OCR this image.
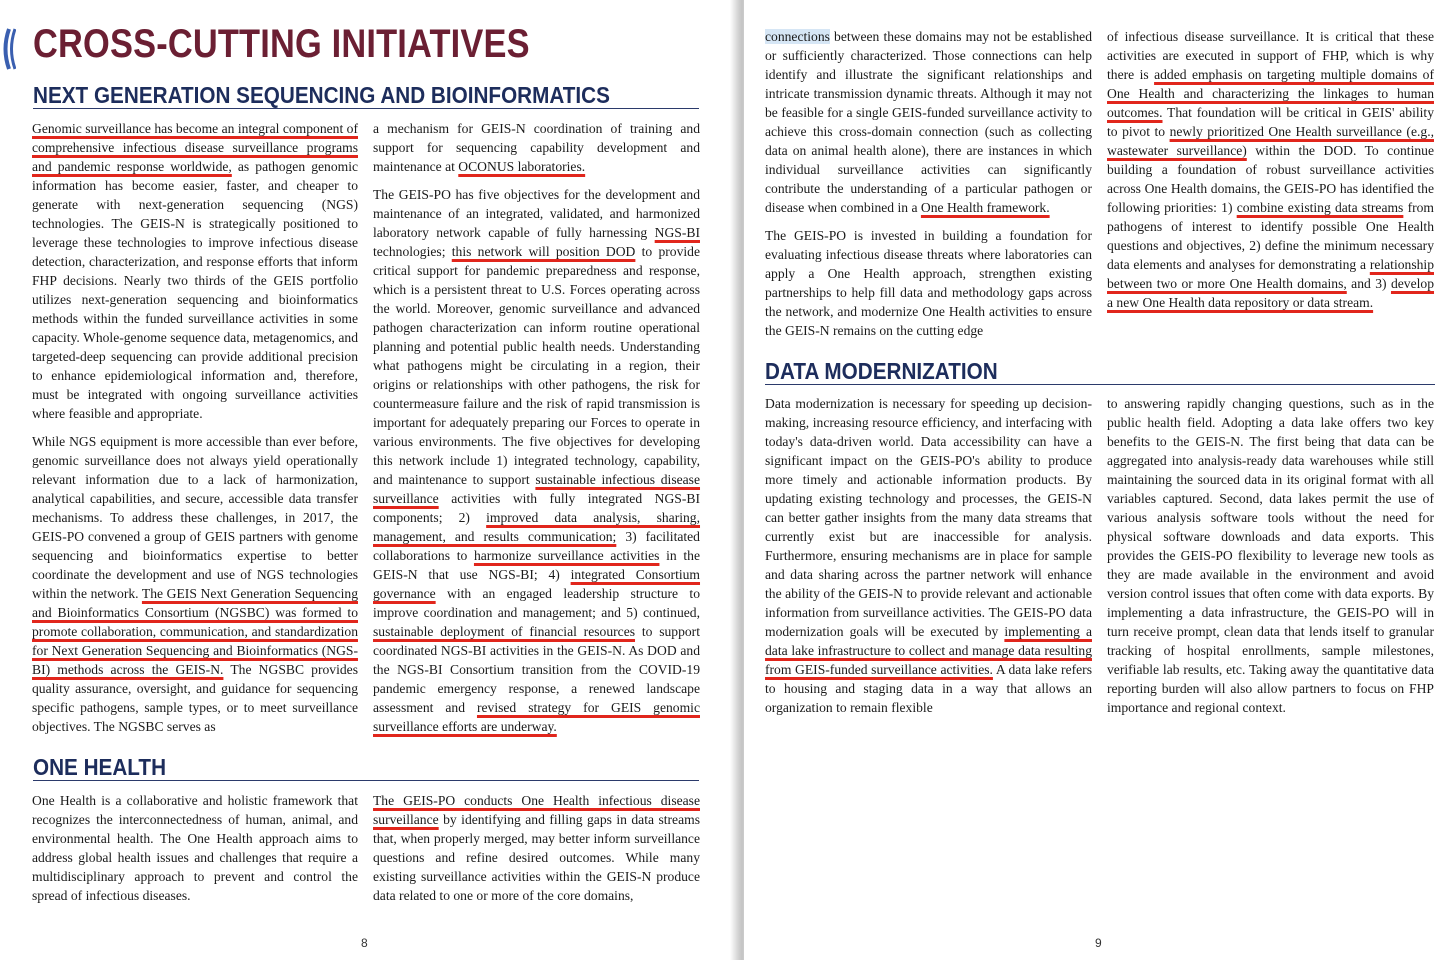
CROSS-CUTTING INITIATIVES
NEXT GENERATION SEQUENCING AND BIOINFORMATICS

Genomic surveillance has become an integral component of comprehensive infectious disease surveillance programs and pandemic response worldwide, as pathogen genomic information has become easier, faster, and cheaper to generate with next-generation sequencing (NGS) technologies. The GEIS-N is strategically positioned to leverage these technologies to improve infectious disease detection, characterization, and response efforts that inform FHP decisions. Nearly two thirds of the GEIS portfolio utilizes next-generation sequencing and bioinformatics methods within the funded surveillance activities in some capacity. Whole-genome sequence data, metagenomics, and targeted-deep sequencing can provide additional precision to enhance epidemiological information and, therefore, must be integrated with ongoing surveillance activities where feasible and appropriate.

While NGS equipment is more accessible than ever before, genomic surveillance does not always yield operationally relevant information due to a lack of harmonization, analytical capabilities, and secure, accessible data transfer mechanisms. To address these challenges, in 2017, the GEIS-PO convened a group of GEIS partners with genome sequencing and bioinformatics expertise to better coordinate the development and use of NGS technologies within the network. The GEIS Next Generation Sequencing and Bioinformatics Consortium (NGSBC) was formed to promote collaboration, communication, and standardization for Next Generation Sequencing and Bioinformatics (NGS-BI) methods across the GEIS-N. The NGSBC provides quality assurance, oversight, and guidance for sequencing specific pathogens, sample types, or to meet surveillance objectives. The NGSBC serves as

a mechanism for GEIS-N coordination of training and support for sequencing capability development and maintenance at OCONUS laboratories.

The GEIS-PO has five objectives for the development and maintenance of an integrated, validated, and harmonized laboratory network capable of fully harnessing NGS-BI technologies; this network will position DOD to provide critical support for pandemic preparedness and response, which is a persistent threat to U.S. Forces operating across the world. Moreover, genomic surveillance and advanced pathogen characterization can inform routine operational planning and potential public health needs. Understanding what pathogens might be circulating in a region, their origins or relationships with other pathogens, the risk for countermeasure failure and the risk of rapid transmission is important for adequately preparing our Forces to operate in various environments. The five objectives for developing this network include 1) integrated technology, capability, and maintenance to support sustainable infectious disease surveillance activities with fully integrated NGS-BI components; 2) improved data analysis, sharing, management, and results communication; 3) facilitated collaborations to harmonize surveillance activities in the GEIS-N that use NGS-BI; 4) integrated Consortium governance with an engaged leadership structure to improve coordination and management; and 5) continued, sustainable deployment of financial resources to support coordinated NGS-BI activities in the GEIS-N. As DOD and the NGS-BI Consortium transition from the COVID-19 pandemic emergency response, a renewed landscape assessment and revised strategy for GEIS genomic surveillance efforts are underway.

ONE HEALTH

One Health is a collaborative and holistic framework that recognizes the interconnectedness of human, animal, and environmental health. The One Health approach aims to address global health issues and challenges that require a multidisciplinary approach to prevent and control the spread of infectious diseases.

The GEIS-PO conducts One Health infectious disease surveillance by identifying and filling gaps in data streams that, when properly merged, may better inform surveillance questions and refine desired outcomes. While many existing surveillance activities within the GEIS-N produce data related to one or more of the core domains,

8

connections between these domains may not be established or sufficiently characterized. Those connections can help identify and illustrate the significant relationships and intricate transmission dynamic threats. Although it may not be feasible for a single GEIS-funded surveillance activity to achieve this cross-domain connection (such as collecting data on animal health alone), there are instances in which individual surveillance activities can significantly contribute the understanding of a particular pathogen or disease when combined in a One Health framework.

The GEIS-PO is invested in building a foundation for evaluating infectious disease threats where laboratories can apply a One Health approach, strengthen existing partnerships to help fill data and methodology gaps across the network, and modernize One Health activities to ensure the GEIS-N remains on the cutting edge

of infectious disease surveillance. It is critical that these activities are executed in support of FHP, which is why there is added emphasis on targeting multiple domains of One Health and characterizing the linkages to human outcomes. That foundation will be critical in GEIS' ability to pivot to newly prioritized One Health surveillance (e.g., wastewater surveillance) within the DOD. To continue building a foundation of robust surveillance activities across One Health domains, the GEIS-PO has identified the following priorities: 1) combine existing data streams from pathogens of interest to identify possible One Health questions and objectives, 2) define the minimum necessary data elements and analyses for demonstrating a relationship between two or more One Health domains, and 3) develop a new One Health data repository or data stream.

DATA MODERNIZATION

Data modernization is necessary for speeding up decision-making, increasing resource efficiency, and interfacing with today's data-driven world. Data accessibility can have a significant impact on the GEIS-PO's ability to produce more timely and actionable information products. By updating existing technology and processes, the GEIS-N can better gather insights from the many data streams that currently exist but are inaccessible for analysis. Furthermore, ensuring mechanisms are in place for sample and data sharing across the partner network will enhance the ability of the GEIS-N to provide relevant and actionable information from surveillance activities. The GEIS-PO data modernization goals will be executed by implementing a data lake infrastructure to collect and manage data resulting from GEIS-funded surveillance activities. A data lake refers to housing and staging data in a way that allows an organization to remain flexible

to answering rapidly changing questions, such as in the public health field. Adopting a data lake offers two key benefits to the GEIS-N. The first being that data can be aggregated into analysis-ready data warehouses while still maintaining the sourced data in its original format with all variables captured. Second, data lakes permit the use of various analysis software tools without the need for physical software downloads and data exports. This provides the GEIS-PO flexibility to leverage new tools as they are made available in the environment and avoid version control issues that often come with data exports. By implementing a data infrastructure, the GEIS-PO will in turn receive prompt, clean data that lends itself to granular tracking of hospital enrollments, sample milestones, verifiable lab results, etc. Taking away the quantitative data reporting burden will also allow partners to focus on FHP importance and regional context.

9
